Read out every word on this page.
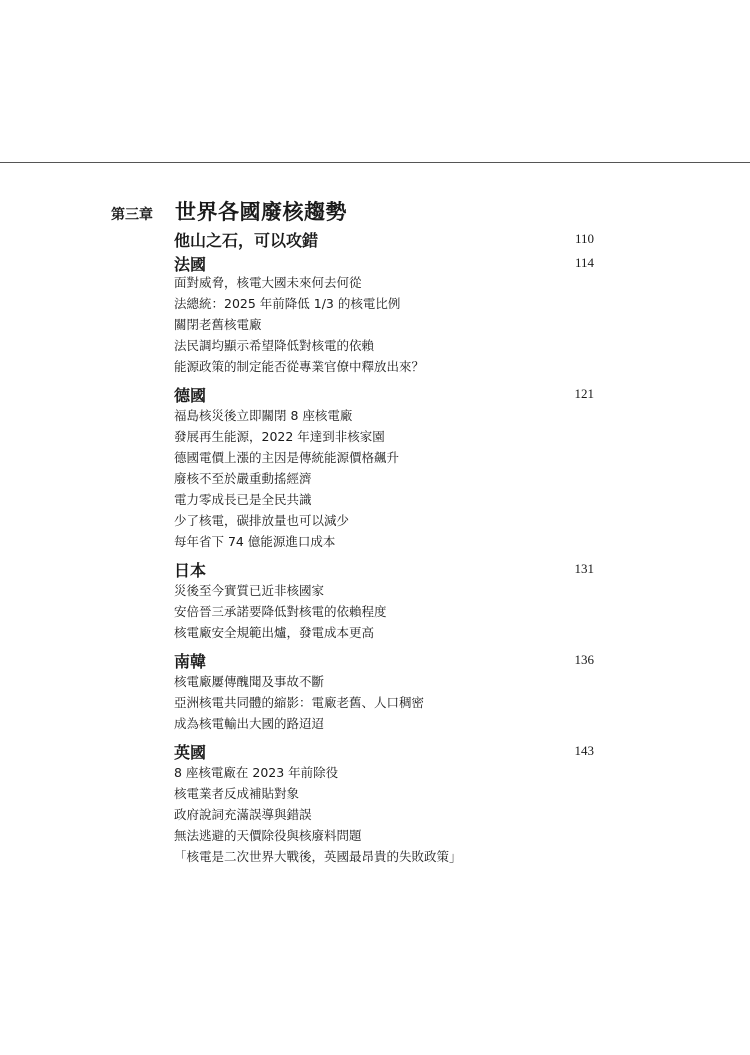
第三章	世界各國廢核趨勢
他山之石，可以攻錯	110
法國	114
面對威脅，核電大國未來何去何從
法總統：2025 年前降低 1/3 的核電比例
關閉老舊核電廠
法民調均顯示希望降低對核電的依賴
能源政策的制定能否從專業官僚中釋放出來？
德國	121
福島核災後立即關閉 8 座核電廠
發展再生能源，2022 年達到非核家園
德國電價上漲的主因是傳統能源價格飆升
廢核不至於嚴重動搖經濟
電力零成長已是全民共識
少了核電，碳排放量也可以減少
每年省下 74 億能源進口成本
日本	131
災後至今實質已近非核國家
安倍晉三承諾要降低對核電的依賴程度
核電廠安全規範出爐，發電成本更高
南韓	136
核電廠屢傳醜聞及事故不斷
亞洲核電共同體的縮影：電廠老舊、人口稠密
成為核電輸出大國的路迢迢
英國	143
8 座核電廠在 2023 年前除役
核電業者反成補貼對象
政府說詞充滿誤導與錯誤
無法逃避的天價除役與核廢料問題
「核電是二次世界大戰後，英國最昂貴的失敗政策」
